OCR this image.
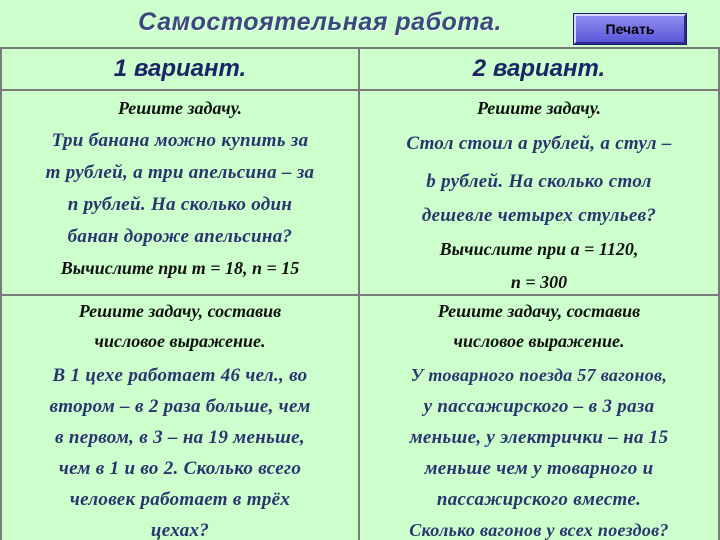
Самостоятельная работа.	Печать
1 вариант.	2 вариант.
Решите задачу.
Три банана можно купить за
m рублей, а три апельсина – за
n рублей. На сколько один
банан дороже апельсина?
Вычислите при m = 18, n = 15
Решите задачу.
Стол стоил a рублей, а стул –
b рублей. На сколько стол
дешевле четырех стульев?
Вычислите при a = 1120,
n = 300
Решите задачу, составив
числовое выражение.
В 1 цехе работает 46 чел., во
втором – в 2 раза больше, чем
в первом, в 3 – на 19 меньше,
чем в 1 и во 2. Сколько всего
человек работает в трёх
цехах?
Решите задачу, составив
числовое выражение.
У товарного поезда 57 вагонов,
у пассажирского – в 3 раза
меньше, у электрички – на 15
меньше чем у товарного и
пассажирского вместе.
Сколько вагонов у всех поездов?
